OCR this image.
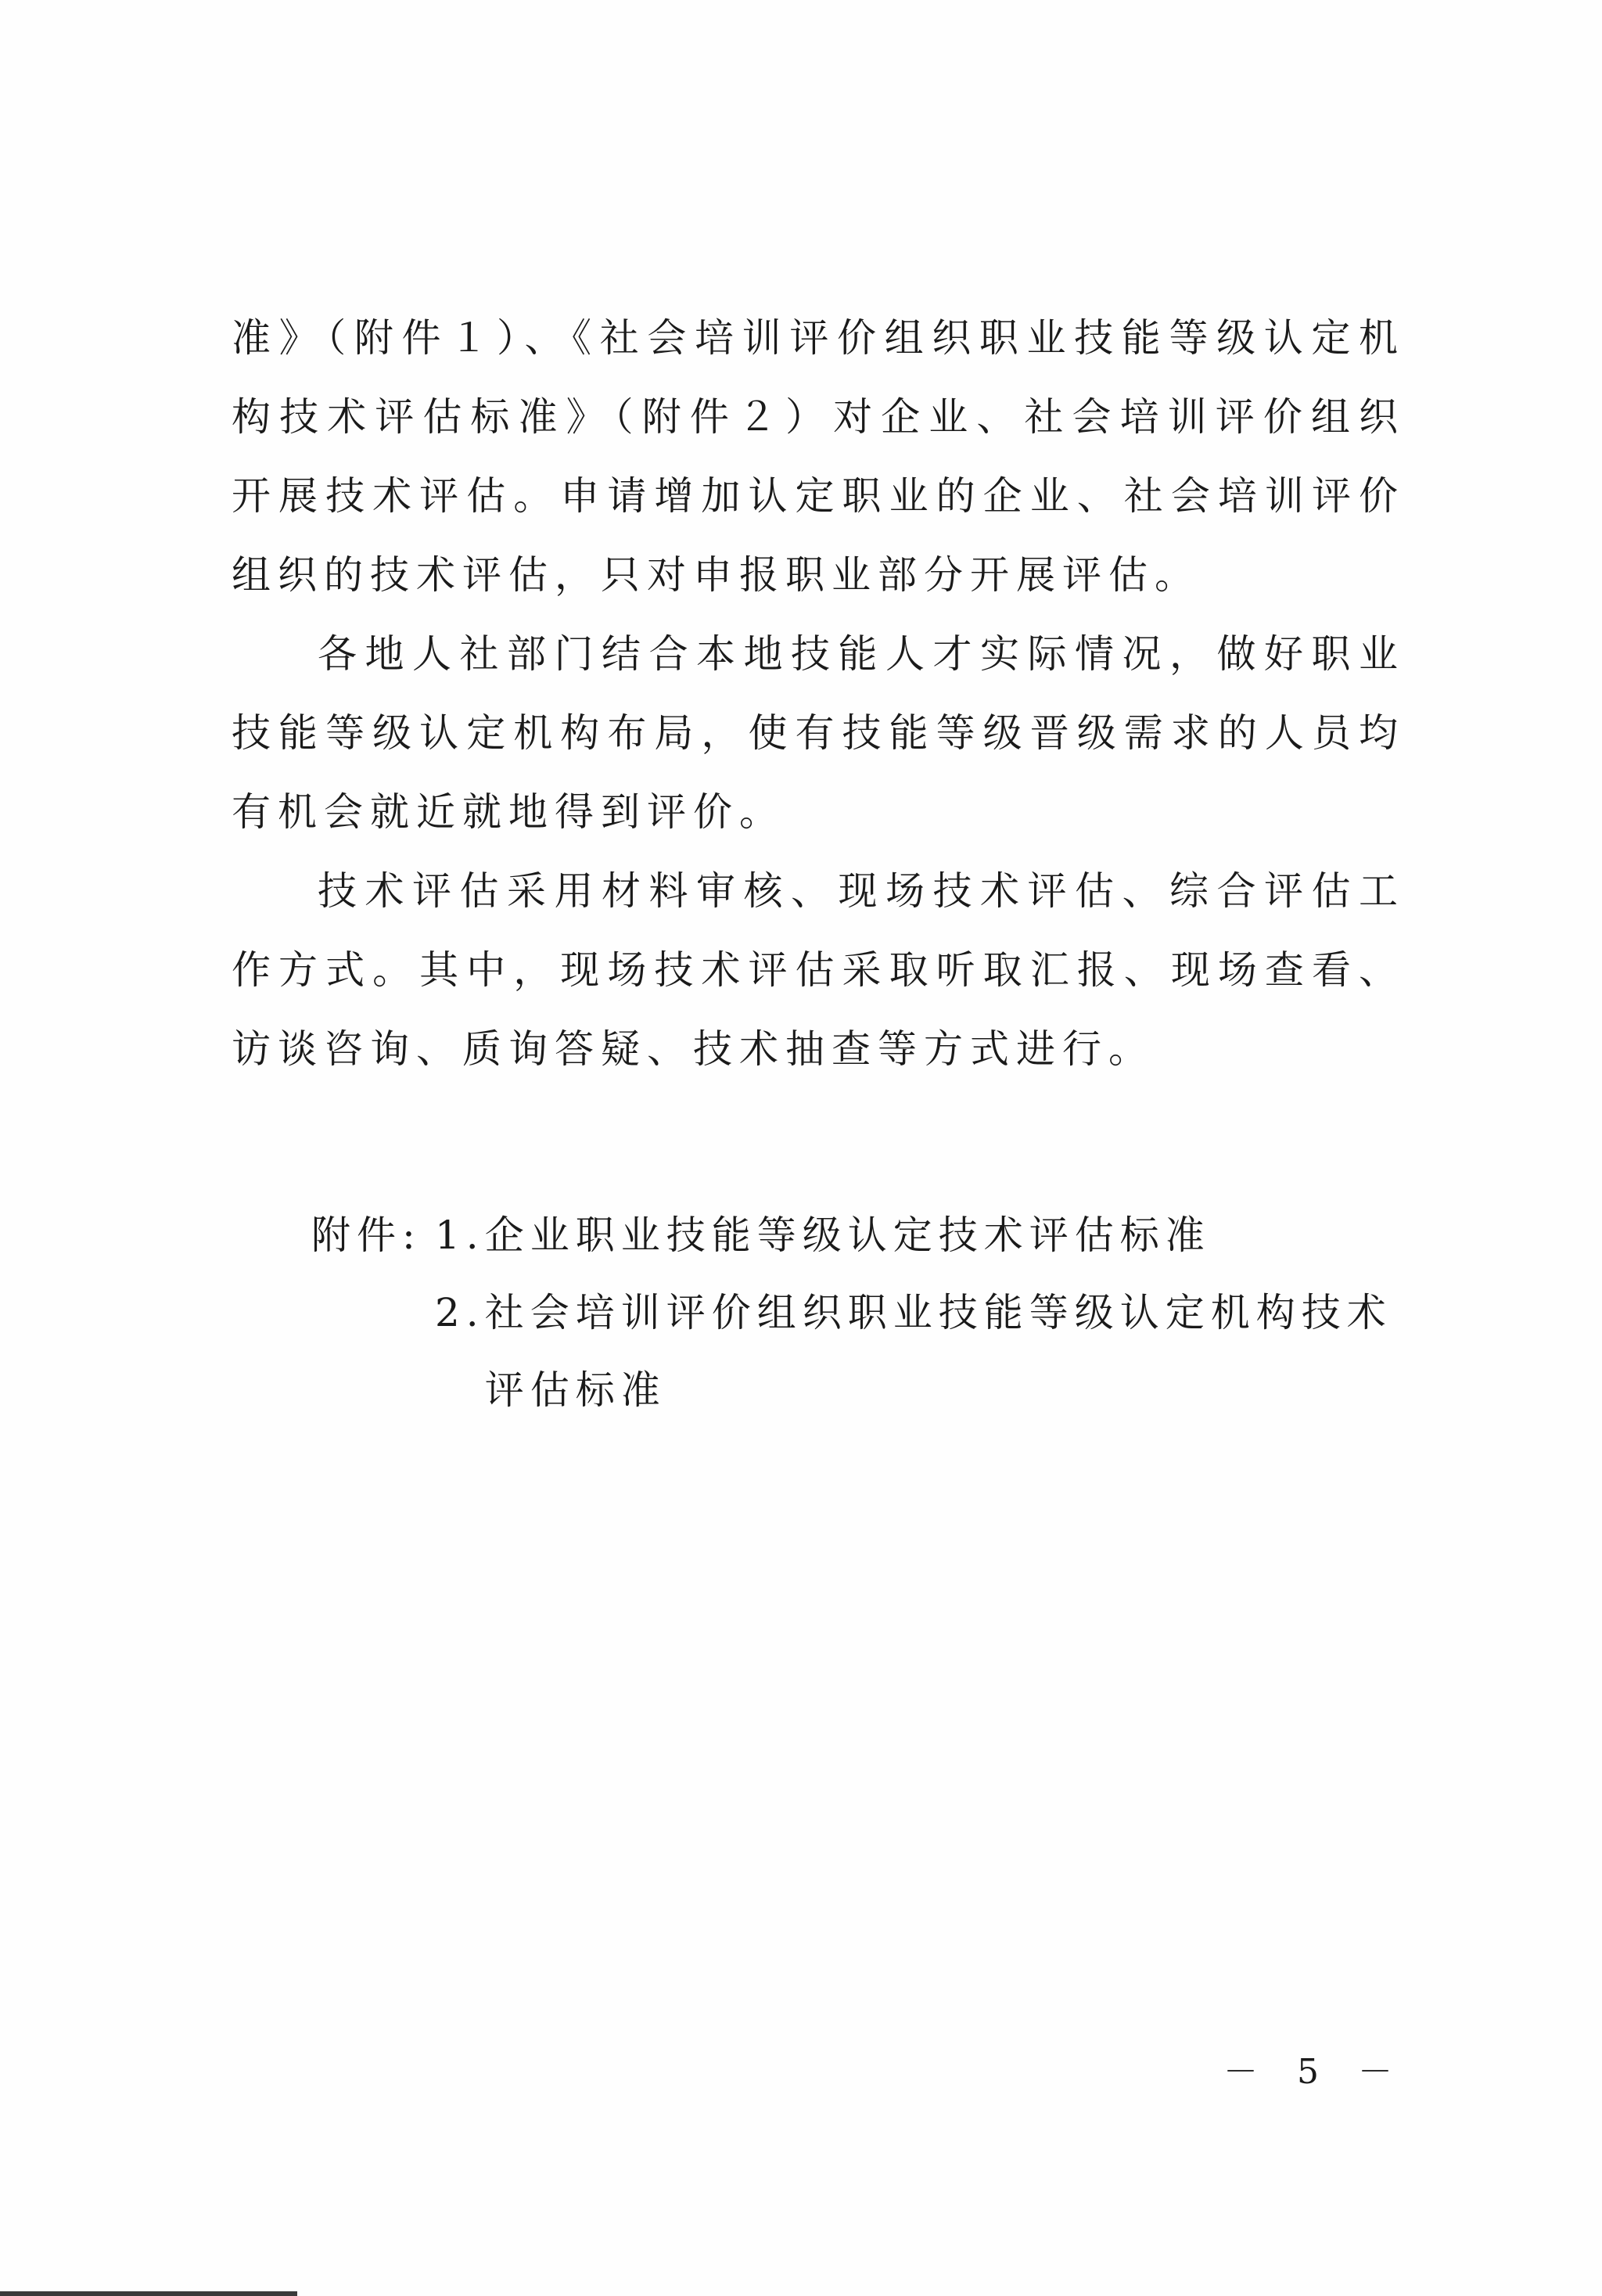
准》（附件１）、《社会培训评价组织职业技能等级认定机构技术评估标准》（附件２）对企业、社会培训评价组织开展技术评估。申请增加认定职业的企业、社会培训评价组织的技术评估，只对申报职业部分开展评估。

各地人社部门结合本地技能人才实际情况，做好职业技能等级认定机构布局，使有技能等级晋级需求的人员均有机会就近就地得到评价。

技术评估采用材料审核、现场技术评估、综合评估工作方式。其中，现场技术评估采取听取汇报、现场查看、访谈咨询、质询答疑、技术抽查等方式进行。

附件: 1. 企业职业技能等级认定技术评估标准
2. 社会培训评价组织职业技能等级认定机构技术评估标准
－ 5 －
